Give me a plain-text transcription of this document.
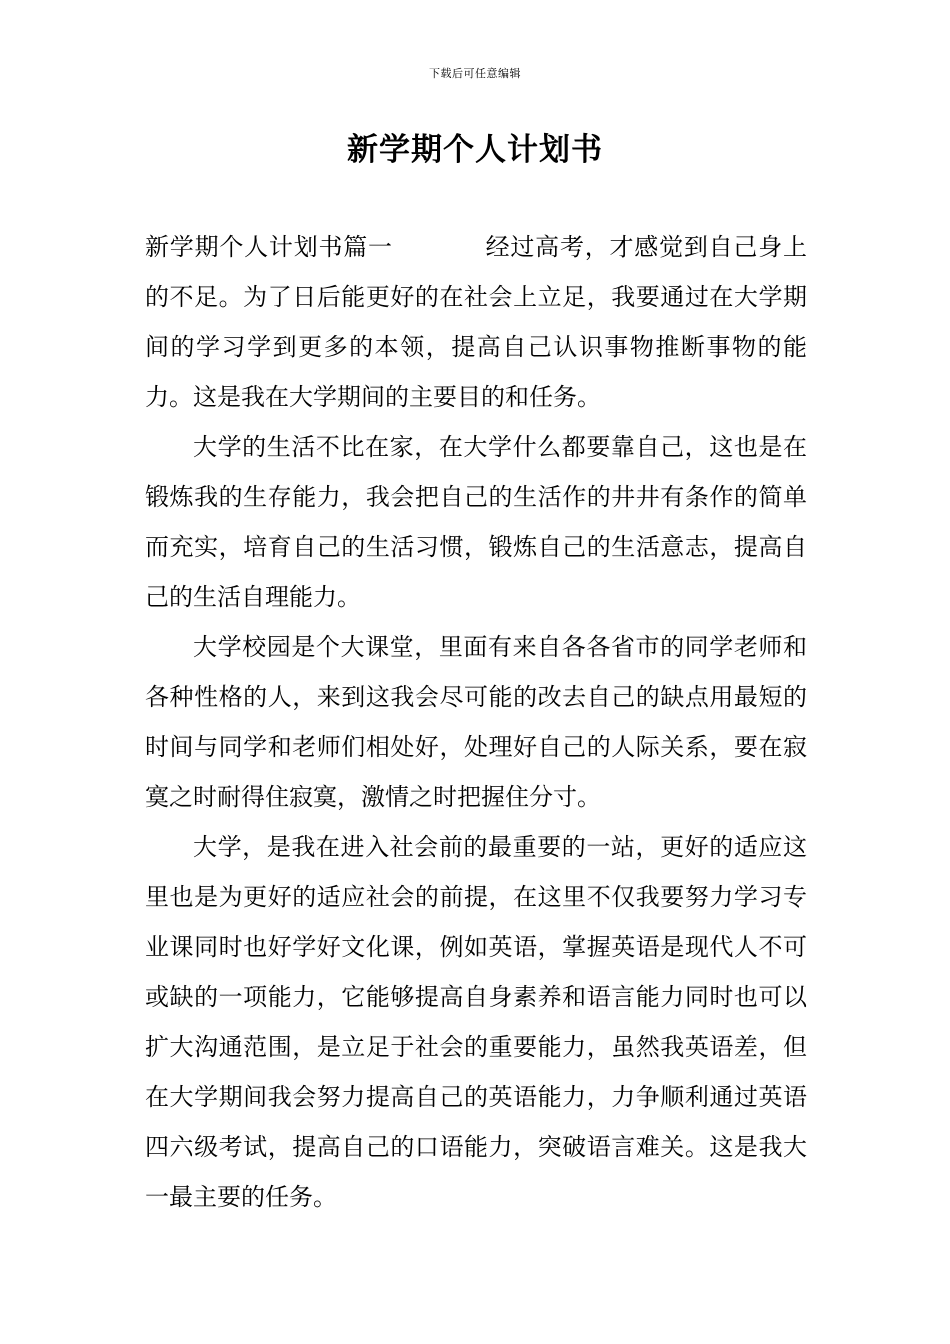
下载后可任意编辑
新学期个人计划书

新学期个人计划书篇一	经过高考，才感觉到自己身上的不足。为了日后能更好的在社会上立足，我要通过在大学期间的学习学到更多的本领，提高自己认识事物推断事物的能力。这是我在大学期间的主要目的和任务。

大学的生活不比在家，在大学什么都要靠自己，这也是在锻炼我的生存能力，我会把自己的生活作的井井有条作的简单而充实，培育自己的生活习惯，锻炼自己的生活意志，提高自己的生活自理能力。

大学校园是个大课堂，里面有来自各各省市的同学老师和各种性格的人，来到这我会尽可能的改去自己的缺点用最短的时间与同学和老师们相处好，处理好自己的人际关系，要在寂寞之时耐得住寂寞，激情之时把握住分寸。

大学，是我在进入社会前的最重要的一站，更好的适应这里也是为更好的适应社会的前提，在这里不仅我要努力学习专业课同时也好学好文化课，例如英语，掌握英语是现代人不可或缺的一项能力，它能够提高自身素养和语言能力同时也可以扩大沟通范围，是立足于社会的重要能力，虽然我英语差，但在大学期间我会努力提高自己的英语能力，力争顺利通过英语四六级考试，提高自己的口语能力，突破语言难关。这是我大一最主要的任务。
